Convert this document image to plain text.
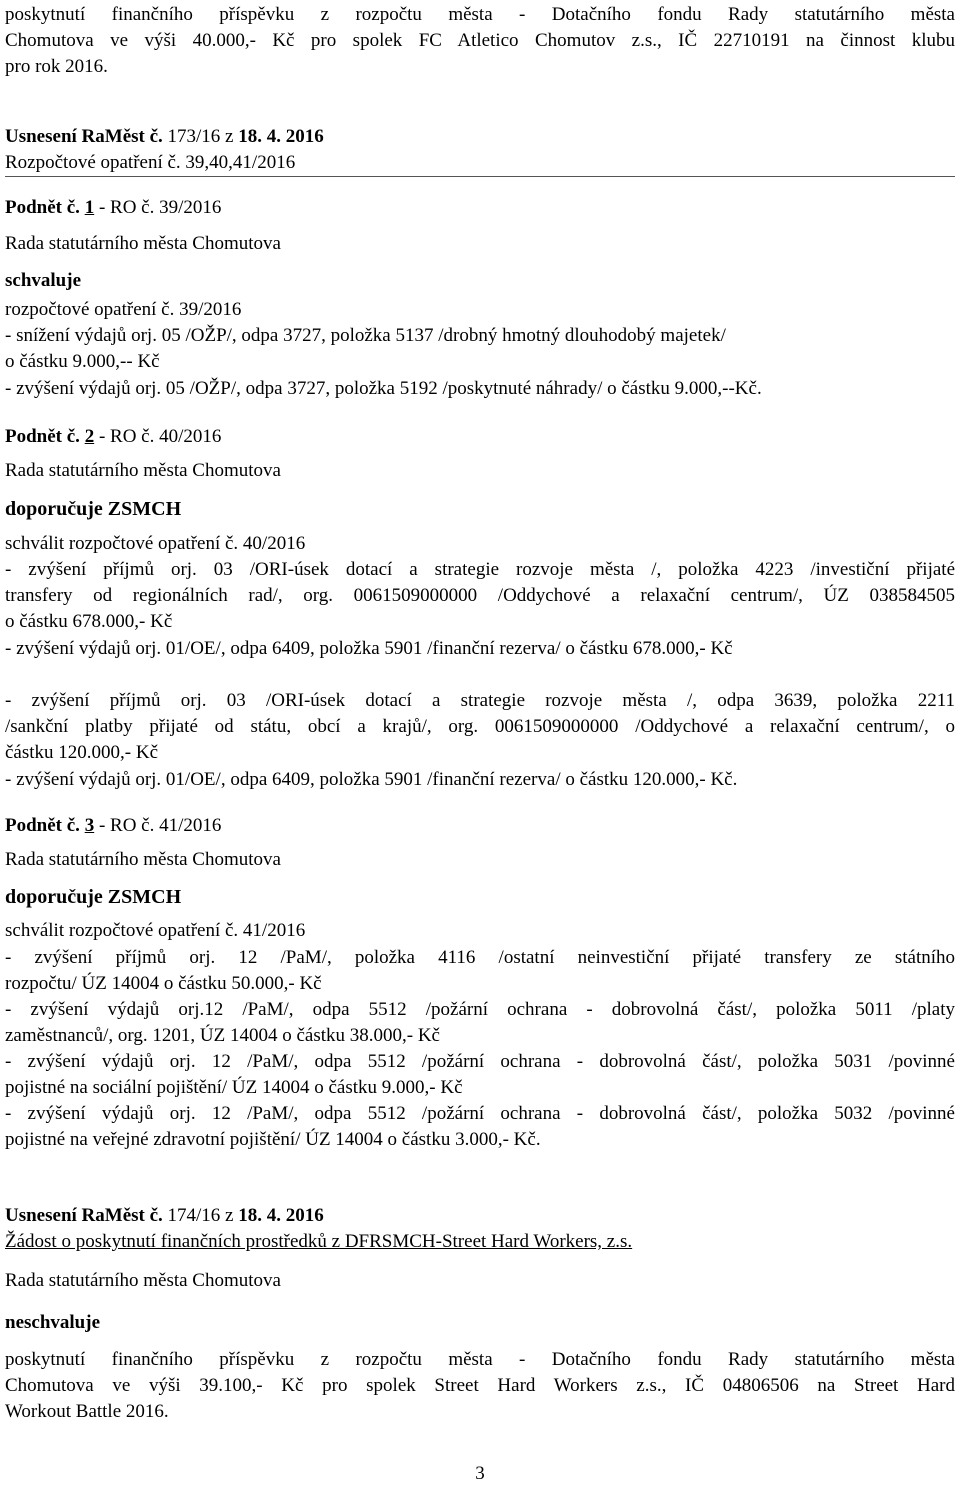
poskytnutí finančního příspěvku z rozpočtu města - Dotačního fondu Rady statutárního města
Chomutova ve výši 40.000,- Kč pro spolek FC Atletico Chomutov z.s., IČ 22710191 na činnost klubu
pro rok 2016.
Usnesení RaMěst č. 173/16 z 18. 4. 2016
Rozpočtové opatření č. 39,40,41/2016
Podnět č. 1 - RO č. 39/2016
Rada statutárního města Chomutova
schvaluje
rozpočtové opatření č. 39/2016
- snížení výdajů orj. 05 /OŽP/, odpa 3727, položka 5137 /drobný hmotný dlouhodobý majetek/
o částku 9.000,-- Kč
- zvýšení výdajů orj. 05 /OŽP/, odpa 3727, položka 5192 /poskytnuté náhrady/ o částku 9.000,--Kč.
Podnět č. 2 - RO č. 40/2016
Rada statutárního města Chomutova
doporučuje ZSMCH
schválit rozpočtové opatření č. 40/2016
- zvýšení příjmů orj. 03 /ORI-úsek dotací a strategie rozvoje města /, položka 4223 /investiční přijaté
transfery od regionálních rad/, org. 0061509000000 /Oddychové a relaxační centrum/, ÚZ 038584505
o částku 678.000,- Kč
- zvýšení výdajů orj. 01/OE/, odpa 6409, položka 5901 /finanční rezerva/ o částku 678.000,- Kč
- zvýšení příjmů orj. 03 /ORI-úsek dotací a strategie rozvoje města /, odpa 3639, položka 2211
/sankční platby přijaté od státu, obcí a krajů/, org. 0061509000000 /Oddychové a relaxační centrum/, o
částku 120.000,- Kč
- zvýšení výdajů orj. 01/OE/, odpa 6409, položka 5901 /finanční rezerva/ o částku 120.000,- Kč.
Podnět č. 3 - RO č. 41/2016
Rada statutárního města Chomutova
doporučuje ZSMCH
schválit rozpočtové opatření č. 41/2016
- zvýšení příjmů orj. 12 /PaM/, položka 4116 /ostatní neinvestiční přijaté transfery ze státního
rozpočtu/ ÚZ 14004 o částku 50.000,- Kč
- zvýšení výdajů orj.12 /PaM/, odpa 5512 /požární ochrana - dobrovolná část/, položka 5011 /platy
zaměstnanců/, org. 1201, ÚZ 14004 o částku 38.000,- Kč
- zvýšení výdajů orj. 12 /PaM/, odpa 5512 /požární ochrana - dobrovolná část/, položka 5031 /povinné
pojistné na sociální pojištění/ ÚZ 14004 o částku 9.000,- Kč
- zvýšení výdajů orj. 12 /PaM/, odpa 5512 /požární ochrana - dobrovolná část/, položka 5032 /povinné
pojistné na veřejné zdravotní pojištění/ ÚZ 14004 o částku 3.000,- Kč.
Usnesení RaMěst č. 174/16 z 18. 4. 2016
Žádost o poskytnutí finančních prostředků z DFRSMCH-Street Hard Workers, z.s.
Rada statutárního města Chomutova
neschvaluje
poskytnutí finančního příspěvku z rozpočtu města - Dotačního fondu Rady statutárního města
Chomutova ve výši 39.100,- Kč pro spolek Street Hard Workers z.s., IČ 04806506 na Street Hard
Workout Battle 2016.
3
